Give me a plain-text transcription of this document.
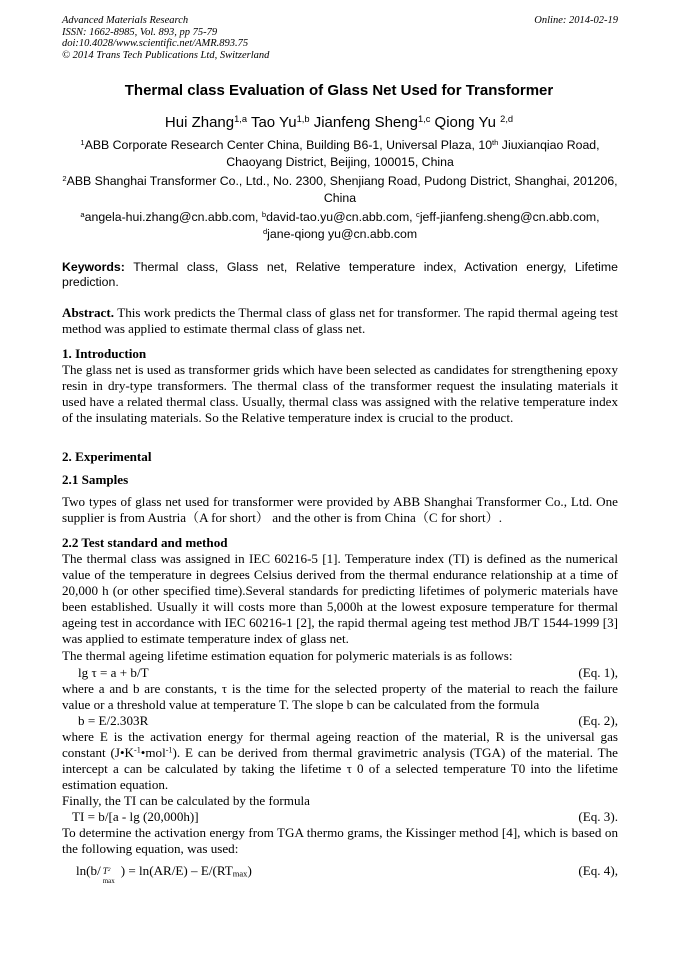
Advanced Materials Research
ISSN: 1662-8985, Vol. 893, pp 75-79
doi:10.4028/www.scientific.net/AMR.893.75
© 2014 Trans Tech Publications Ltd, Switzerland
Online: 2014-02-19
Thermal class Evaluation of Glass Net Used for Transformer
Hui Zhang$^{1,a}$ Tao Yu$^{1,b}$ Jianfeng Sheng$^{1,c}$ Qiong Yu $^{2,d}$
$^1$ABB Corporate Research Center China, Building B6-1, Universal Plaza, 10th Jiuxianqiao Road, Chaoyang District, Beijing, 100015, China
$^2$ABB Shanghai Transformer Co., Ltd., No. 2300, Shenjiang Road, Pudong District, Shanghai, 201206, China
$^a$angela-hui.zhang@cn.abb.com, $^b$david-tao.yu@cn.abb.com, $^c$jeff-jianfeng.sheng@cn.abb.com,
$^d$jane-qiong yu@cn.abb.com
Keywords: Thermal class, Glass net, Relative temperature index, Activation energy, Lifetime prediction.
Abstract. This work predicts the Thermal class of glass net for transformer. The rapid thermal ageing test method was applied to estimate thermal class of glass net.
1. Introduction
The glass net is used as transformer grids which have been selected as candidates for strengthening epoxy resin in dry-type transformers. The thermal class of the transformer request the insulating materials it used have a related thermal class. Usually, thermal class was assigned with the relative temperature index of the insulating materials. So the Relative temperature index is crucial to the product.
2. Experimental
2.1 Samples
Two types of glass net used for transformer were provided by ABB Shanghai Transformer Co., Ltd. One supplier is from Austria（A for short） and the other is from China（C for short）.
2.2 Test standard and method
The thermal class was assigned in IEC 60216-5 [1]. Temperature index (TI) is defined as the numerical value of the temperature in degrees Celsius derived from the thermal endurance relationship at a time of 20,000 h (or other specified time).Several standards for predicting lifetimes of polymeric materials have been established. Usually it will costs more than 5,000h at the lowest exposure temperature for thermal ageing test in accordance with IEC 60216-1 [2], the rapid thermal ageing test method JB/T 1544-1999 [3] was applied to estimate temperature index of glass net.
The thermal ageing lifetime estimation equation for polymeric materials is as follows:
lg τ = a + b/T	(Eq. 1),
where a and b are constants, τ is the time for the selected property of the material to reach the failure value or a threshold value at temperature T. The slope b can be calculated from the formula
b = E/2.303R	(Eq. 2),
where E is the activation energy for thermal ageing reaction of the material, R is the universal gas constant $(J•K^{-1}•mol^{-1})$. E can be derived from thermal gravimetric analysis (TGA) of the material. The intercept a can be calculated by taking the lifetime τ 0 of a selected temperature T0 into the lifetime estimation equation.
Finally, the TI can be calculated by the formula
TI = b/[a - lg (20,000h)]	(Eq. 3).
To determine the activation energy from TGA thermo grams, the Kissinger method [4], which is based on the following equation, was used:
ln(b/ $T^2$
max
) = $\ln(AR/E) - E/(RT_{max})$	(Eq. 4),
